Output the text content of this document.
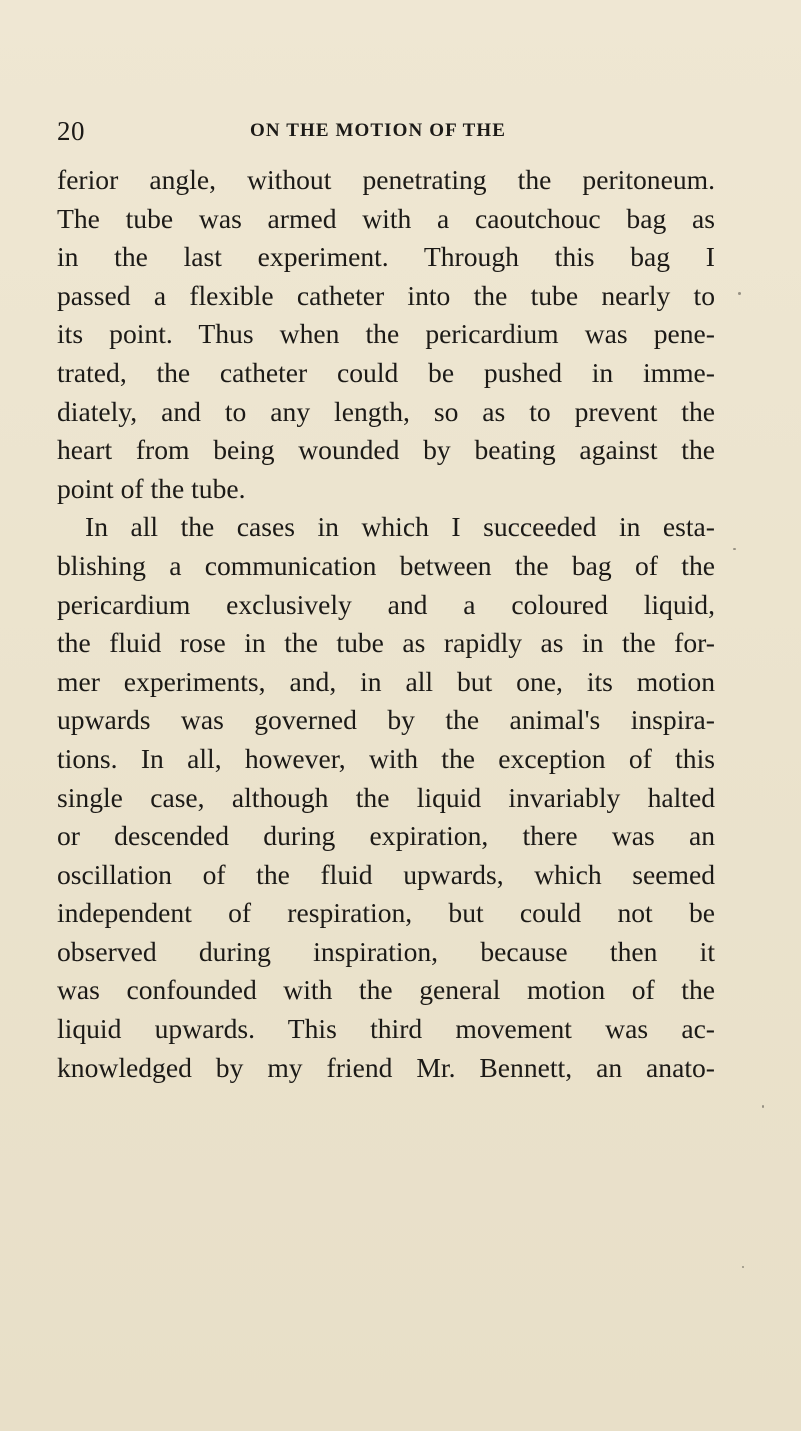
20	ON THE MOTION OF THE
ferior angle, without penetrating the peritoneum.
The tube was armed with a caoutchouc bag as
in the last experiment. Through this bag I
passed a flexible catheter into the tube nearly to
its point. Thus when the pericardium was pene-
trated, the catheter could be pushed in imme-
diately, and to any length, so as to prevent the
heart from being wounded by beating against the
point of the tube.
In all the cases in which I succeeded in esta-
blishing a communication between the bag of the
pericardium exclusively and a coloured liquid,
the fluid rose in the tube as rapidly as in the for-
mer experiments, and, in all but one, its motion
upwards was governed by the animal's inspira-
tions. In all, however, with the exception of this
single case, although the liquid invariably halted
or descended during expiration, there was an
oscillation of the fluid upwards, which seemed
independent of respiration, but could not be
observed during inspiration, because then it
was confounded with the general motion of the
liquid upwards. This third movement was ac-
knowledged by my friend Mr. Bennett, an anato-
